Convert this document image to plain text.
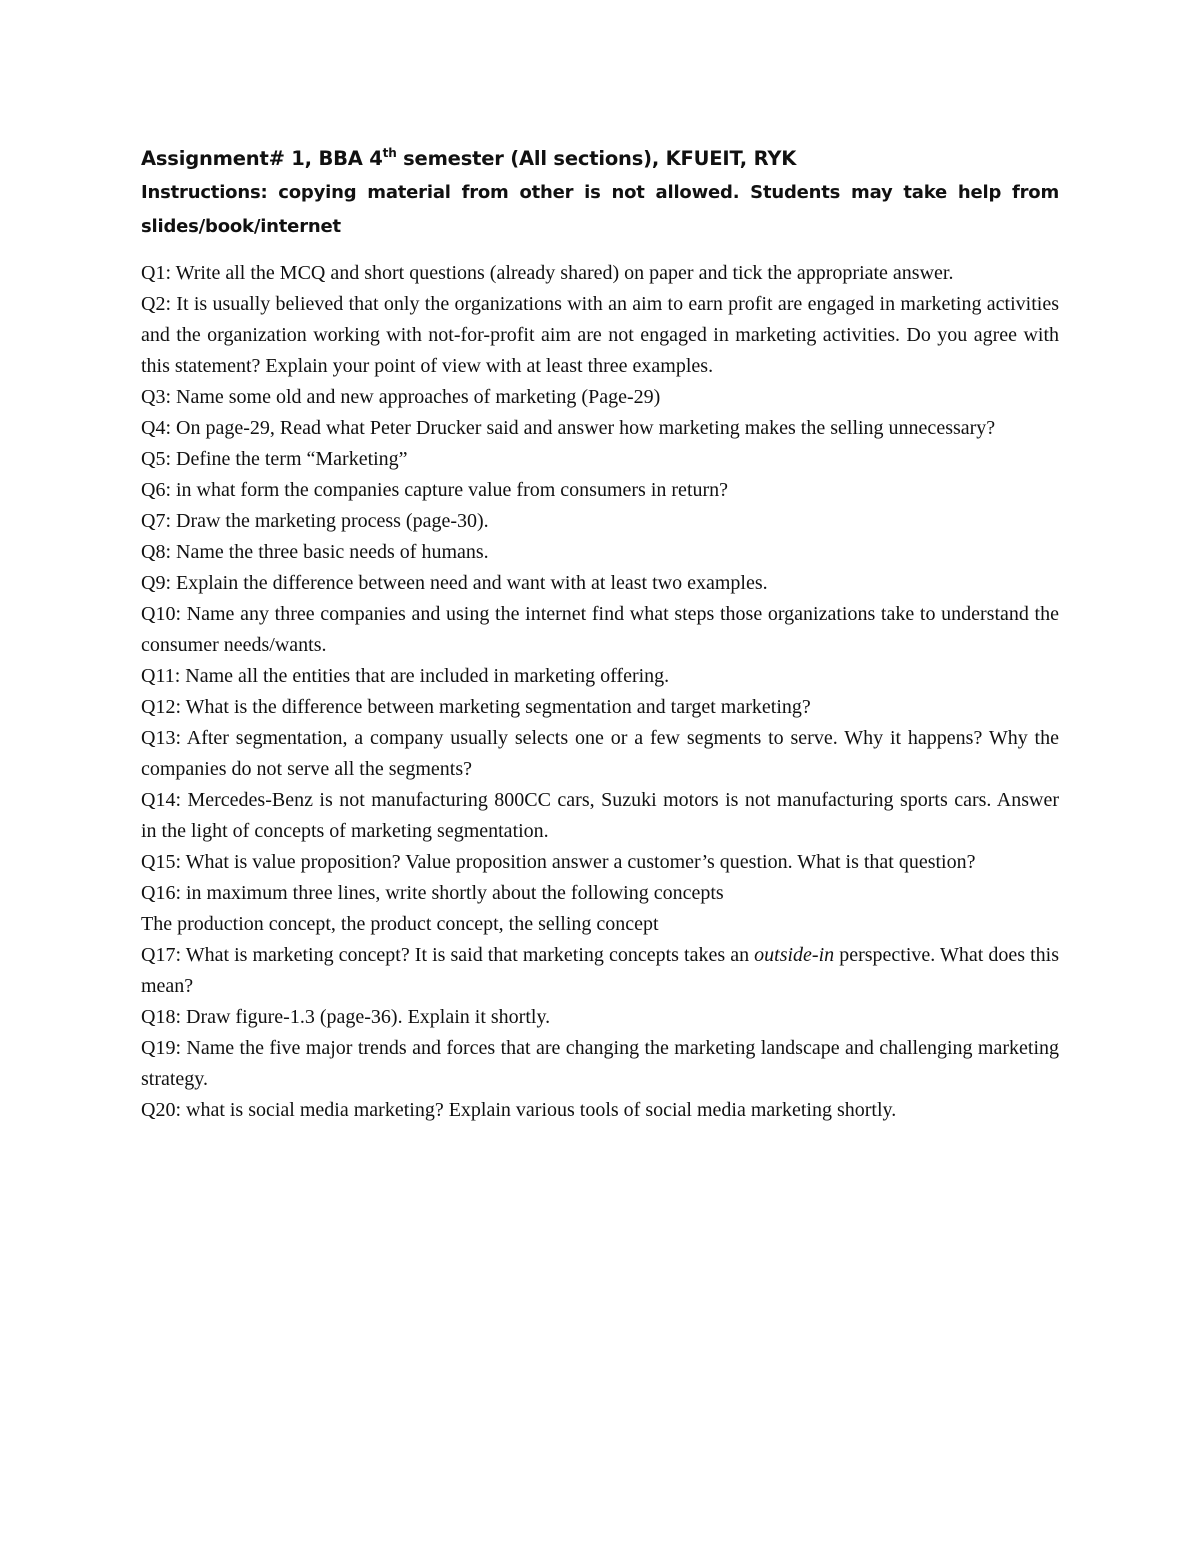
Assignment# 1, BBA 4th semester (All sections), KFUEIT, RYK

Instructions: copying material from other is not allowed. Students may take help from slides/book/internet

Q1: Write all the MCQ and short questions (already shared) on paper and tick the appropriate answer.

Q2: It is usually believed that only the organizations with an aim to earn profit are engaged in marketing activities and the organization working with not-for-profit aim are not engaged in marketing activities. Do you agree with this statement? Explain your point of view with at least three examples.

Q3: Name some old and new approaches of marketing (Page-29)

Q4: On page-29, Read what Peter Drucker said and answer how marketing makes the selling unnecessary?

Q5: Define the term “Marketing”

Q6: in what form the companies capture value from consumers in return?

Q7: Draw the marketing process (page-30).

Q8: Name the three basic needs of humans.

Q9: Explain the difference between need and want with at least two examples.

Q10: Name any three companies and using the internet find what steps those organizations take to understand the consumer needs/wants.

Q11: Name all the entities that are included in marketing offering.

Q12: What is the difference between marketing segmentation and target marketing?

Q13: After segmentation, a company usually selects one or a few segments to serve. Why it happens? Why the companies do not serve all the segments?

Q14: Mercedes-Benz is not manufacturing 800CC cars, Suzuki motors is not manufacturing sports cars. Answer in the light of concepts of marketing segmentation.

Q15: What is value proposition? Value proposition answer a customer’s question. What is that question?

Q16: in maximum three lines, write shortly about the following concepts

The production concept, the product concept, the selling concept

Q17: What is marketing concept? It is said that marketing concepts takes an outside-in perspective. What does this mean?

Q18: Draw figure-1.3 (page-36). Explain it shortly.

Q19: Name the five major trends and forces that are changing the marketing landscape and challenging marketing strategy.

Q20: what is social media marketing? Explain various tools of social media marketing shortly.
